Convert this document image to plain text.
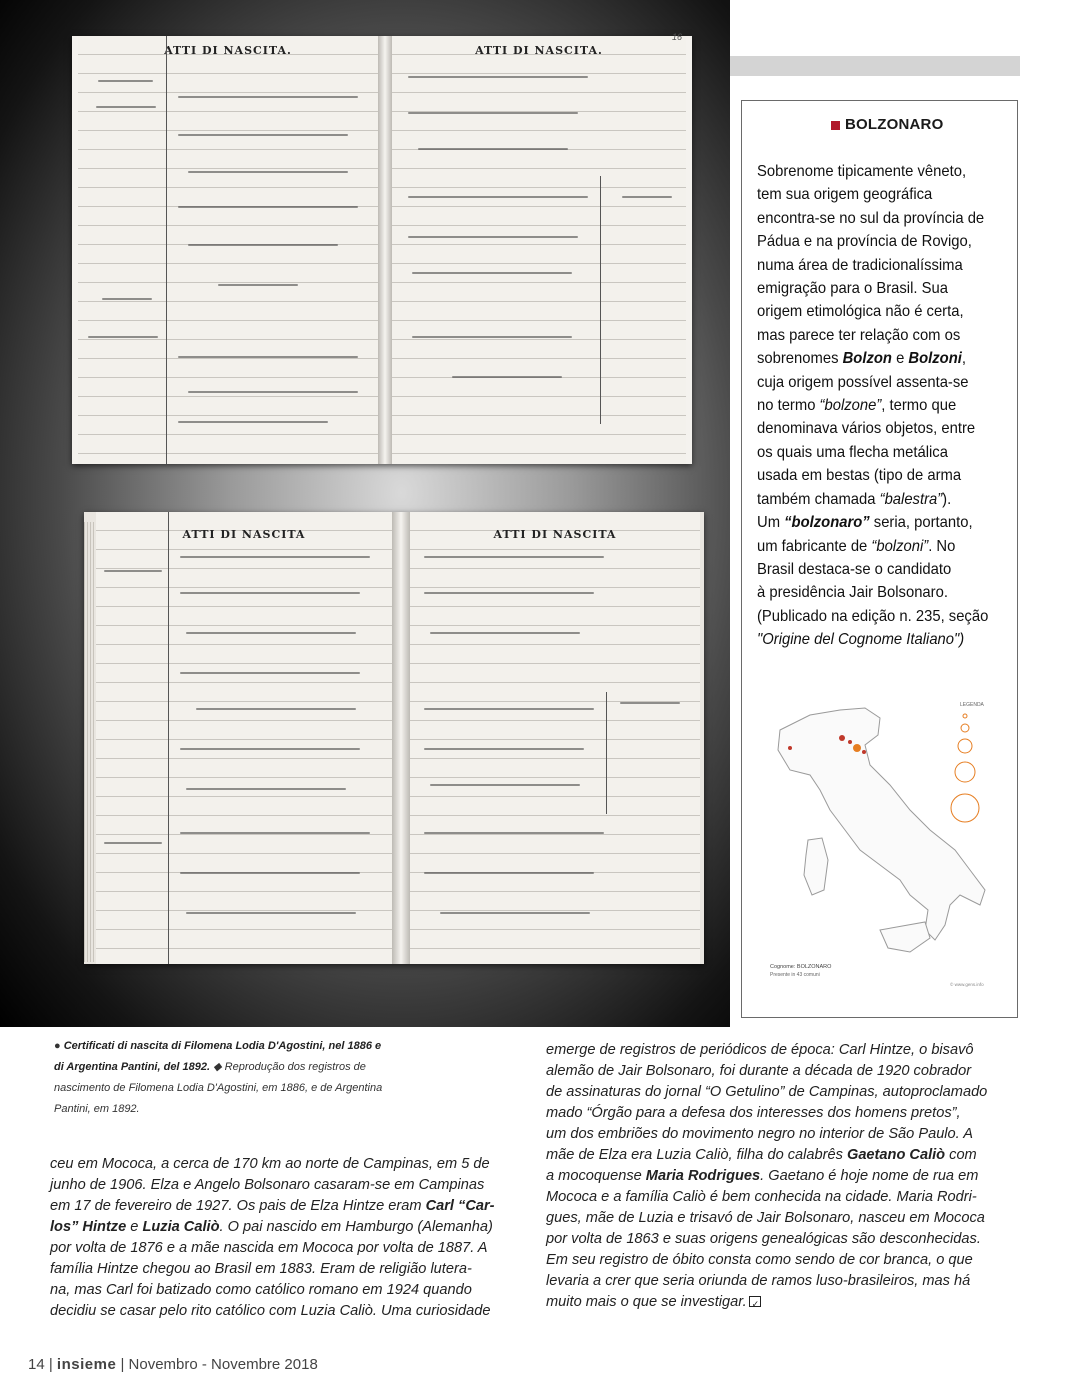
ATTI DI NASCITA.	ATTI DI NASCITA.
16
ATTI DI NASCITA	ATTI DI NASCITA
BOLZONARO
Sobrenome tipicamente vêneto,
tem sua origem geográfica
encontra-se no sul da província de
Pádua e na província de Rovigo,
numa área de tradicionalíssima
emigração para o Brasil. Sua
origem etimológica não é certa,
mas parece ter relação com os
sobrenomes Bolzon e Bolzoni,
cuja origem possível assenta-se
no termo “bolzone”, termo que
denominava vários objetos, entre
os quais uma flecha metálica
usada em bestas (tipo de arma
também chamada “balestra”).
Um “bolzonaro” seria, portanto,
um fabricante de “bolzoni”. No
Brasil destaca-se o candidato
à presidência Jair Bolsonaro.
(Publicado na edição n. 235, seção
"Origine del Cognome Italiano")
LEGENDA
Cognome: BOLZONARO
Presente in 43 comuni
© www.gens.info
● Certificati di nascita di Filomena Lodia D'Agostini, nel 1886 e di Argentina Pantini, del 1892. ◆ Reprodução dos registros de nascimento de Filomena Lodia D'Agostini, em 1886, e de Argentina Pantini, em 1892.
emerge de registros de periódicos de época: Carl Hintze, o bisavô
alemão de Jair Bolsonaro, foi durante a década de 1920 cobrador
de assinaturas do jornal “O Getulino” de Campinas, autoproclamado
mado “Órgão para a defesa dos interesses dos homens pretos”,
um dos embriões do movimento negro no interior de São Paulo. A
mãe de Elza era Luzia Caliò, filha do calabrês Gaetano Caliò com
a mocoquense Maria Rodrigues. Gaetano é hoje nome de rua em
Mococa e a família Caliò é bem conhecida na cidade. Maria Rodri-
gues, mãe de Luzia e trisavó de Jair Bolsonaro, nasceu em Mococa
por volta de 1863 e suas origens genealógicas são desconhecidas.
Em seu registro de óbito consta como sendo de cor branca, o que
levaria a crer que seria oriunda de ramos luso-brasileiros, mas há
muito mais o que se investigar. ✓
ceu em Mococa, a cerca de 170 km ao norte de Campinas, em 5 de
junho de 1906. Elza e Angelo Bolsonaro casaram-se em Campinas
em 17 de fevereiro de 1927. Os pais de Elza Hintze eram Carl “Car-
los” Hintze e Luzia Caliò. O pai nascido em Hamburgo (Alemanha)
por volta de 1876 e a mãe nascida em Mococa por volta de 1887. A
família Hintze chegou ao Brasil em 1883. Eram de religião lutera-
na, mas Carl foi batizado como católico romano em 1924 quando
decidiu se casar pelo rito católico com Luzia Caliò. Uma curiosidade
14 | insieme | Novembro - Novembre 2018
